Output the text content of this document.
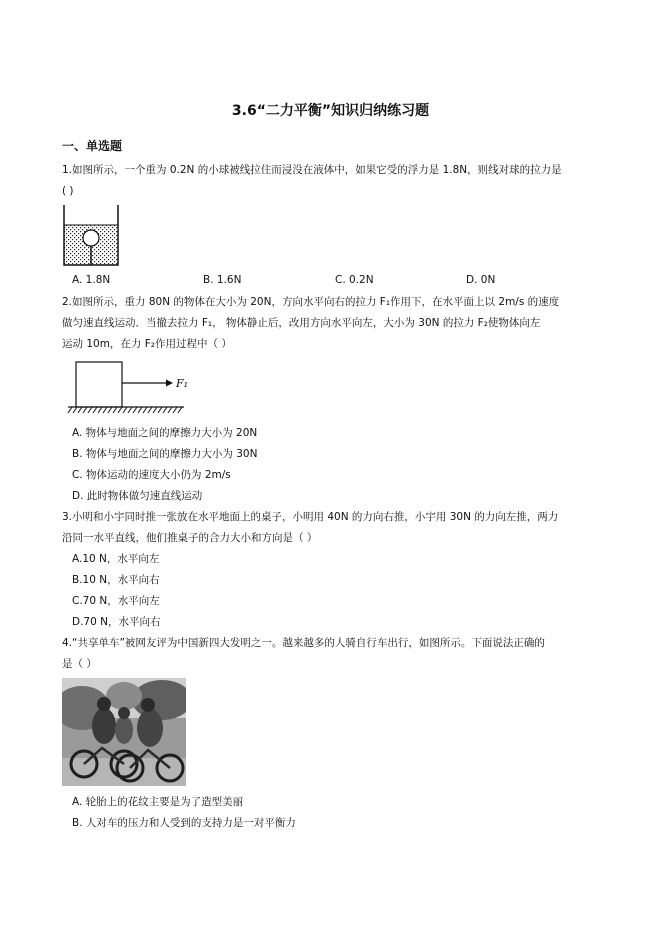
3.6“二力平衡”知识归纳练习题
一、单选题
1.如图所示，一个重为 0.2N 的小球被线拉住而浸没在液体中，如果它受的浮力是 1.8N，则线对球的拉力是
( )
A. 1.8N	B. 1.6N	C. 0.2N	D. 0N
2.如图所示，重力 80N 的物体在大小为 20N，方向水平向右的拉力 F₁作用下，在水平面上以 2m/s 的速度
做匀速直线运动．当撤去拉力 F₁， 物体静止后，改用方向水平向左，大小为 30N 的拉力 F₂使物体向左
运动 10m，在力 F₂作用过程中（ ）
F₁
A. 物体与地面之间的摩擦力大小为 20N
B. 物体与地面之间的摩擦力大小为 30N
C. 物体运动的速度大小仍为 2m/s
D. 此时物体做匀速直线运动
3.小明和小宇同时推一张放在水平地面上的桌子，小明用 40N 的力向右推，小宇用 30N 的力向左推，两力
沿同一水平直线，他们推桌子的合力大小和方向是（ ）
A.10 N，水平向左
B.10 N，水平向右
C.70 N，水平向左
D.70 N，水平向右
4.“共享单车”被网友评为中国新四大发明之一。越来越多的人骑自行车出行，如图所示。下面说法正确的
是（ ）
A. 轮胎上的花纹主要是为了造型美丽
B. 人对车的压力和人受到的支持力是一对平衡力
